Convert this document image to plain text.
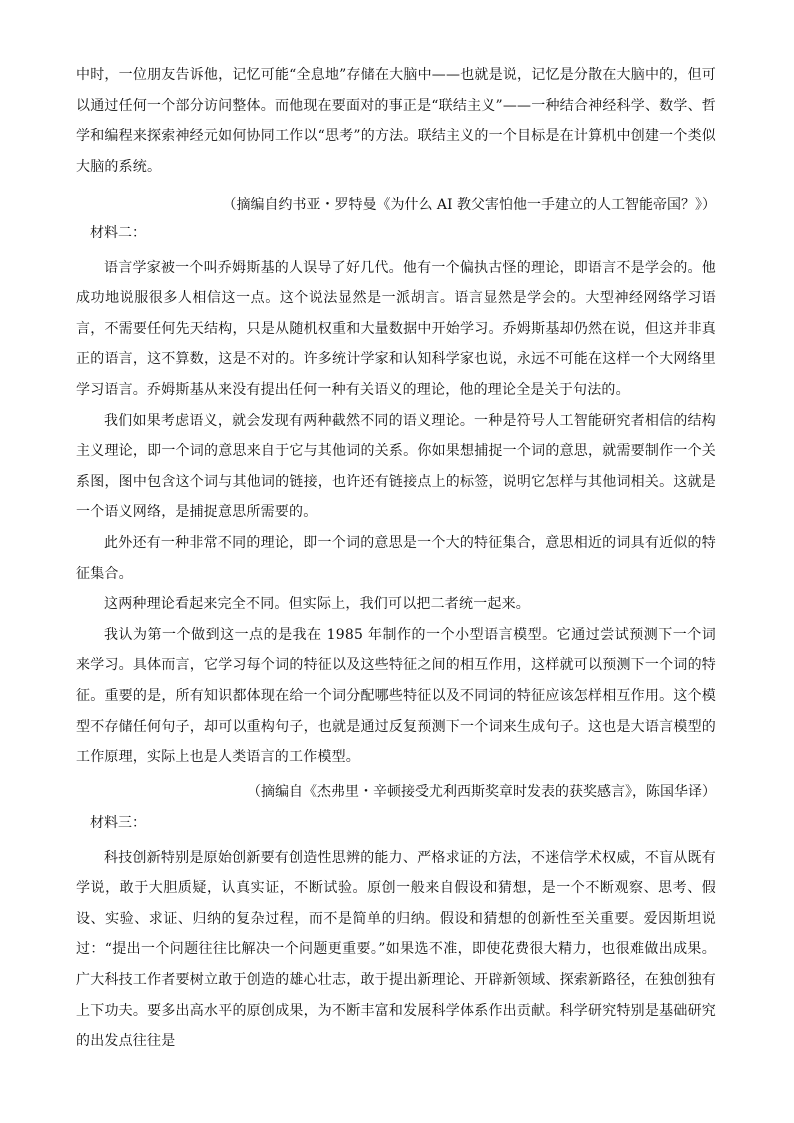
中时，一位朋友告诉他，记忆可能“全息地”存储在大脑中——也就是说，记忆是分散在大脑中的，但可以通过任何一个部分访问整体。而他现在要面对的事正是“联结主义”——一种结合神经科学、数学、哲学和编程来探索神经元如何协同工作以“思考”的方法。联结主义的一个目标是在计算机中创建一个类似大脑的系统。

（摘编自约书亚・罗特曼《为什么 AI 教父害怕他一手建立的人工智能帝国？》）

材料二：

语言学家被一个叫乔姆斯基的人误导了好几代。他有一个偏执古怪的理论，即语言不是学会的。他成功地说服很多人相信这一点。这个说法显然是一派胡言。语言显然是学会的。大型神经网络学习语言，不需要任何先天结构，只是从随机权重和大量数据中开始学习。乔姆斯基却仍然在说，但这并非真正的语言，这不算数，这是不对的。许多统计学家和认知科学家也说，永远不可能在这样一个大网络里学习语言。乔姆斯基从来没有提出任何一种有关语义的理论，他的理论全是关于句法的。

我们如果考虑语义，就会发现有两种截然不同的语义理论。一种是符号人工智能研究者相信的结构主义理论，即一个词的意思来自于它与其他词的关系。你如果想捕捉一个词的意思，就需要制作一个关系图，图中包含这个词与其他词的链接，也许还有链接点上的标签，说明它怎样与其他词相关。这就是一个语义网络，是捕捉意思所需要的。

此外还有一种非常不同的理论，即一个词的意思是一个大的特征集合，意思相近的词具有近似的特征集合。

这两种理论看起来完全不同。但实际上，我们可以把二者统一起来。

我认为第一个做到这一点的是我在 1985 年制作的一个小型语言模型。它通过尝试预测下一个词来学习。具体而言，它学习每个词的特征以及这些特征之间的相互作用，这样就可以预测下一个词的特征。重要的是，所有知识都体现在给一个词分配哪些特征以及不同词的特征应该怎样相互作用。这个模型不存储任何句子，却可以重构句子，也就是通过反复预测下一个词来生成句子。这也是大语言模型的工作原理，实际上也是人类语言的工作模型。

（摘编自《杰弗里・辛顿接受尤利西斯奖章时发表的获奖感言》，陈国华译）

材料三：

科技创新特别是原始创新要有创造性思辨的能力、严格求证的方法，不迷信学术权威，不盲从既有学说，敢于大胆质疑，认真实证，不断试验。原创一般来自假设和猜想，是一个不断观察、思考、假设、实验、求证、归纳的复杂过程，而不是简单的归纳。假设和猜想的创新性至关重要。爱因斯坦说过：“提出一个问题往往比解决一个问题更重要。”如果选不准，即使花费很大精力，也很难做出成果。广大科技工作者要树立敢于创造的雄心壮志，敢于提出新理论、开辟新领域、探索新路径，在独创独有上下功夫。要多出高水平的原创成果，为不断丰富和发展科学体系作出贡献。科学研究特别是基础研究的出发点往往是
